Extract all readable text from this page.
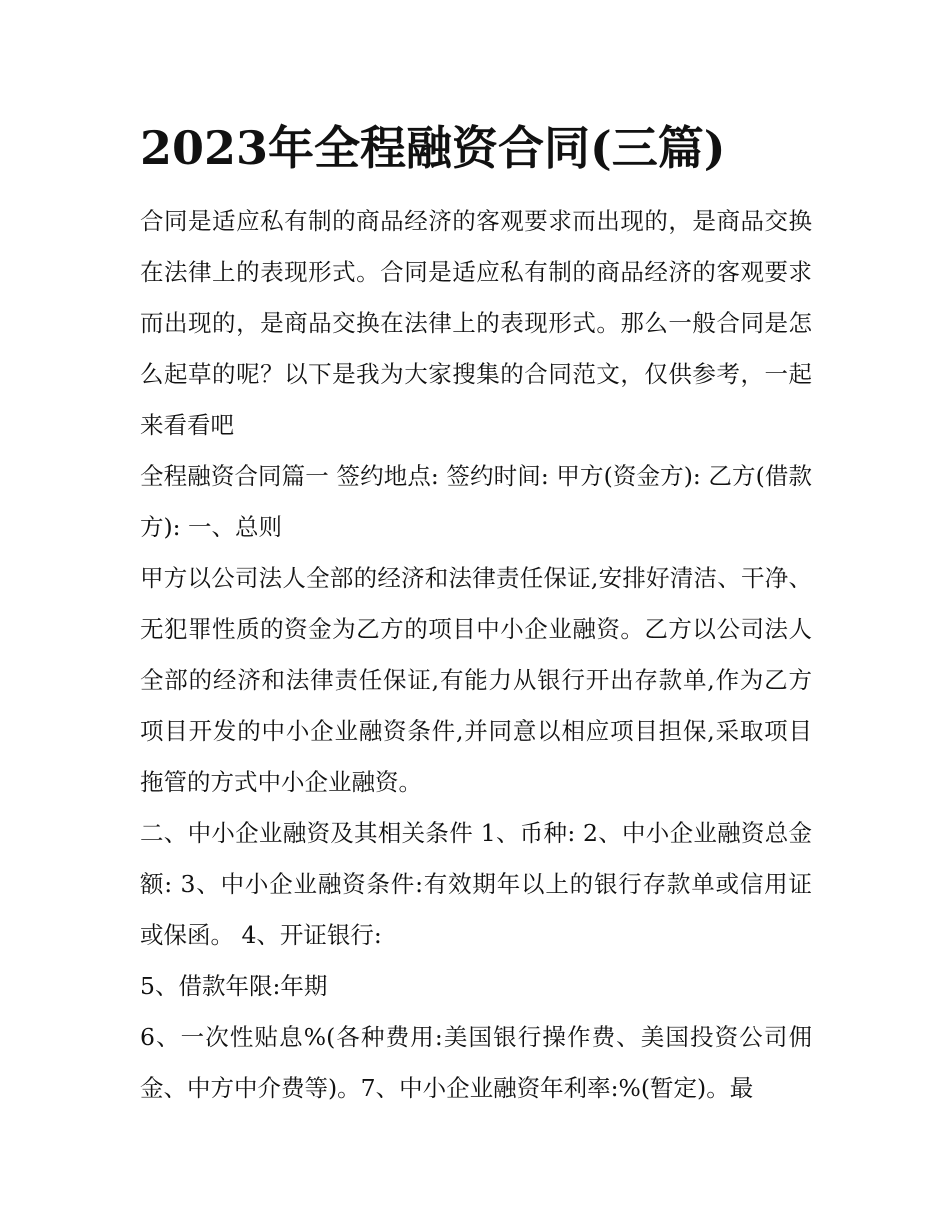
2023年全程融资合同(三篇)

合同是适应私有制的商品经济的客观要求而出现的，是商品交换在法律上的表现形式。合同是适应私有制的商品经济的客观要求而出现的，是商品交换在法律上的表现形式。那么一般合同是怎么起草的呢？以下是我为大家搜集的合同范文，仅供参考，一起来看看吧

全程融资合同篇一 签约地点: 签约时间: 甲方(资金方): 乙方(借款方): 一、总则

甲方以公司法人全部的经济和法律责任保证,安排好清洁、干净、无犯罪性质的资金为乙方的项目中小企业融资。乙方以公司法人全部的经济和法律责任保证,有能力从银行开出存款单,作为乙方项目开发的中小企业融资条件,并同意以相应项目担保,采取项目拖管的方式中小企业融资。

二、中小企业融资及其相关条件 1、币种: 2、中小企业融资总金额: 3、中小企业融资条件:有效期年以上的银行存款单或信用证或保函。 4、开证银行:

5、借款年限:年期

6、一次性贴息%(各种费用:美国银行操作费、美国投资公司佣金、中方中介费等)。7、中小企业融资年利率:%(暂定)。最
